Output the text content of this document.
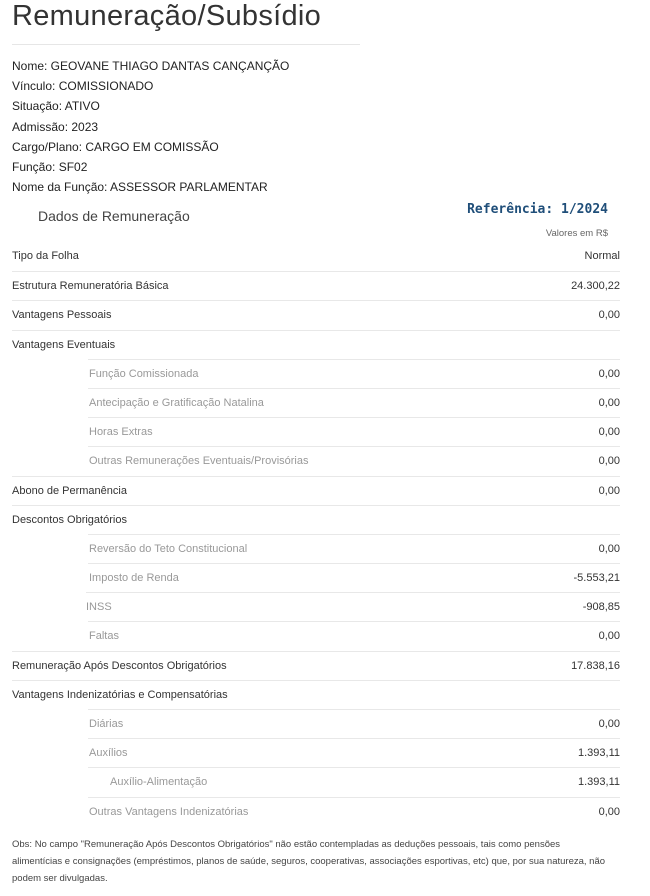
Remuneração/Subsídio
Nome: GEOVANE THIAGO DANTAS CANÇANÇÃO
Vínculo: COMISSIONADO
Situação: ATIVO
Admissão: 2023
Cargo/Plano: CARGO EM COMISSÃO
Função: SF02
Nome da Função: ASSESSOR PARLAMENTAR
Dados de Remuneração	Referência: 1/2024
Valores em R$
Tipo da Folha	Normal
Estrutura Remuneratória Básica	24.300,22
Vantagens Pessoais	0,00
Vantagens Eventuais
Função Comissionada	0,00
Antecipação e Gratificação Natalina	0,00
Horas Extras	0,00
Outras Remunerações Eventuais/Provisórias	0,00
Abono de Permanência	0,00
Descontos Obrigatórios
Reversão do Teto Constitucional	0,00
Imposto de Renda	-5.553,21
INSS	-908,85
Faltas	0,00
Remuneração Após Descontos Obrigatórios	17.838,16
Vantagens Indenizatórias e Compensatórias
Diárias	0,00
Auxílios	1.393,11
Auxílio-Alimentação	1.393,11
Outras Vantagens Indenizatórias	0,00
Obs: No campo "Remuneração Após Descontos Obrigatórios" não estão contempladas as deduções pessoais, tais como pensões alimentícias e consignações (empréstimos, planos de saúde, seguros, cooperativas, associações esportivas, etc) que, por sua natureza, não podem ser divulgadas.
